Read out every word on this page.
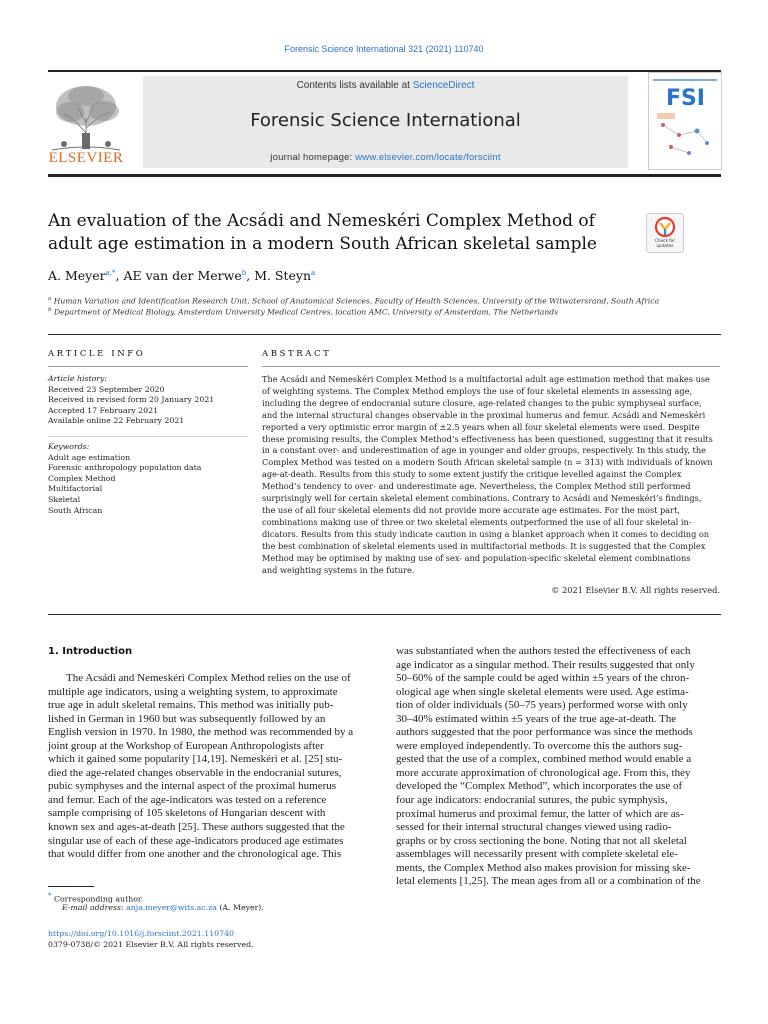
Forensic Science International 321 (2021) 110740
ELSEVIER
Contents lists available at ScienceDirect
Forensic Science International
journal homepage: www.elsevier.com/locate/forsciint
FSI
An evaluation of the Acsádi and Nemeskéri Complex Method of adult age estimation in a modern South African skeletal sample	Check for updates
A. Meyer$^{a,*}$, AE van der Merwe$^b$, M. Steyn$^a$
$^a$ Human Variation and Identification Research Unit, School of Anatomical Sciences, Faculty of Health Sciences, University of the Witwatersrand, South Africa
$^b$ Department of Medical Biology, Amsterdam University Medical Centres, location AMC, University of Amsterdam, The Netherlands
ARTICLE INFO	ABSTRACT
Article history:
Received 23 September 2020
Received in revised form 20 January 2021
Accepted 17 February 2021
Available online 22 February 2021
Keywords:
Adult age estimation
Forensic anthropology population data
Complex Method
Multifactorial
Skeletal
South African
The Acsádi and Nemeskéri Complex Method is a multifactorial adult age estimation method that makes use
of weighting systems. The Complex Method employs the use of four skeletal elements in assessing age,
including the degree of endocranial suture closure, age-related changes to the pubic symphyseal surface,
and the internal structural changes observable in the proximal humerus and femur. Acsádi and Nemeskéri
reported a very optimistic error margin of ±2.5 years when all four skeletal elements were used. Despite
these promising results, the Complex Method’s effectiveness has been questioned, suggesting that it results
in a constant over- and underestimation of age in younger and older groups, respectively. In this study, the
Complex Method was tested on a modern South African skeletal sample (n = 313) with individuals of known
age-at-death. Results from this study to some extent justify the critique levelled against the Complex
Method’s tendency to over- and underestimate age. Nevertheless, the Complex Method still performed
surprisingly well for certain skeletal element combinations. Contrary to Acsádi and Nemeskéri’s findings,
the use of all four skeletal elements did not provide more accurate age estimates. For the most part,
combinations making use of three or two skeletal elements outperformed the use of all four skeletal in-
dicators. Results from this study indicate caution in using a blanket approach when it comes to deciding on
the best combination of skeletal elements used in multifactorial methods. It is suggested that the Complex
Method may be optimised by making use of sex- and population-specific skeletal element combinations
and weighting systems in the future.
© 2021 Elsevier B.V. All rights reserved.
1. Introduction
The Acsádi and Nemeskéri Complex Method relies on the use of
multiple age indicators, using a weighting system, to approximate
true age in adult skeletal remains. This method was initially pub-
lished in German in 1960 but was subsequently followed by an
English version in 1970. In 1980, the method was recommended by a
joint group at the Workshop of European Anthropologists after
which it gained some popularity [14,19]. Nemeskéri et al. [25] stu-
died the age-related changes observable in the endocranial sutures,
pubic symphyses and the internal aspect of the proximal humerus
and femur. Each of the age-indicators was tested on a reference
sample comprising of 105 skeletons of Hungarian descent with
known sex and ages-at-death [25]. These authors suggested that the
singular use of each of these age-indicators produced age estimates
that would differ from one another and the chronological age. This
was substantiated when the authors tested the effectiveness of each
age indicator as a singular method. Their results suggested that only
50–60% of the sample could be aged within ±5 years of the chron-
ological age when single skeletal elements were used. Age estima-
tion of older individuals (50–75 years) performed worse with only
30–40% estimated within ±5 years of the true age-at-death. The
authors suggested that the poor performance was since the methods
were employed independently. To overcome this the authors sug-
gested that the use of a complex, combined method would enable a
more accurate approximation of chronological age. From this, they
developed the “Complex Method”, which incorporates the use of
four age indicators: endocranial sutures, the pubic symphysis,
proximal humerus and proximal femur, the latter of which are as-
sessed for their internal structural changes viewed using radio-
graphs or by cross sectioning the bone. Noting that not all skeletal
assemblages will necessarily present with complete skeletal ele-
ments, the Complex Method also makes provision for missing ske-
letal elements [1,25]. The mean ages from all or a combination of the
* Corresponding author.
E-mail address: anja.meyer@wits.ac.za (A. Meyer).
https://doi.org/10.1016/j.forsciint.2021.110740
0379-0738/© 2021 Elsevier B.V. All rights reserved.
